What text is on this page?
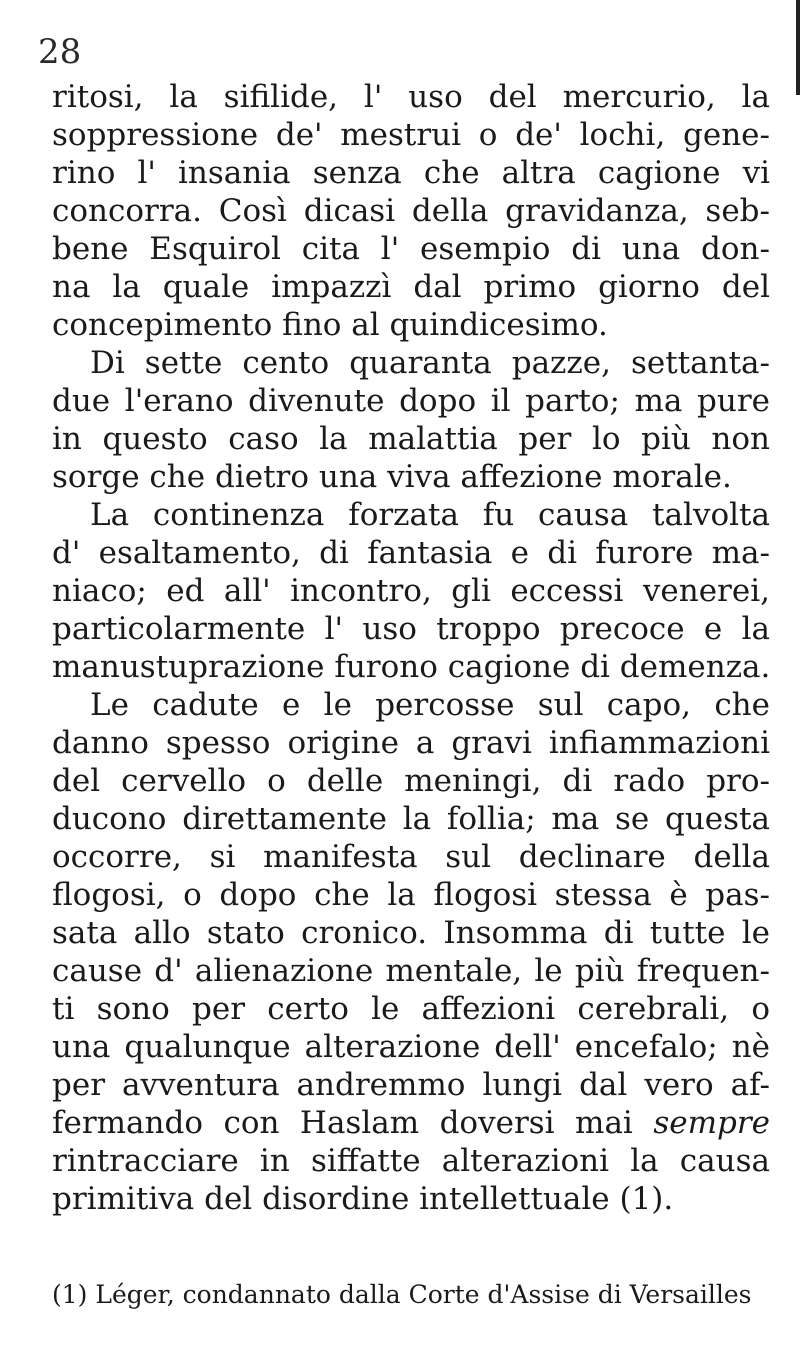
28
ritosi, la sifilide, l' uso del mercurio, la
soppressione de' mestrui o de' lochi, gene-
rino l' insania senza che altra cagione vi
concorra. Così dicasi della gravidanza, seb-
bene Esquirol cita l' esempio di una don-
na la quale impazzì dal primo giorno del
concepimento fino al quindicesimo.
Di sette cento quaranta pazze, settanta-
due l'erano divenute dopo il parto; ma pure
in questo caso la malattia per lo più non
sorge che dietro una viva affezione morale.
La continenza forzata fu causa talvolta
d' esaltamento, di fantasia e di furore ma-
niaco; ed all' incontro, gli eccessi venerei,
particolarmente l' uso troppo precoce e la
manustuprazione furono cagione di demenza.
Le cadute e le percosse sul capo, che
danno spesso origine a gravi infiammazioni
del cervello o delle meningi, di rado pro-
ducono direttamente la follia; ma se questa
occorre, si manifesta sul declinare della
flogosi, o dopo che la flogosi stessa è pas-
sata allo stato cronico. Insomma di tutte le
cause d' alienazione mentale, le più frequen-
ti sono per certo le affezioni cerebrali, o
una qualunque alterazione dell' encefalo; nè
per avventura andremmo lungi dal vero af-
fermando con Haslam doversi mai sempre
rintracciare in siffatte alterazioni la causa
primitiva del disordine intellettuale (1).
(1) Léger, condannato dalla Corte d'Assise di Versailles
